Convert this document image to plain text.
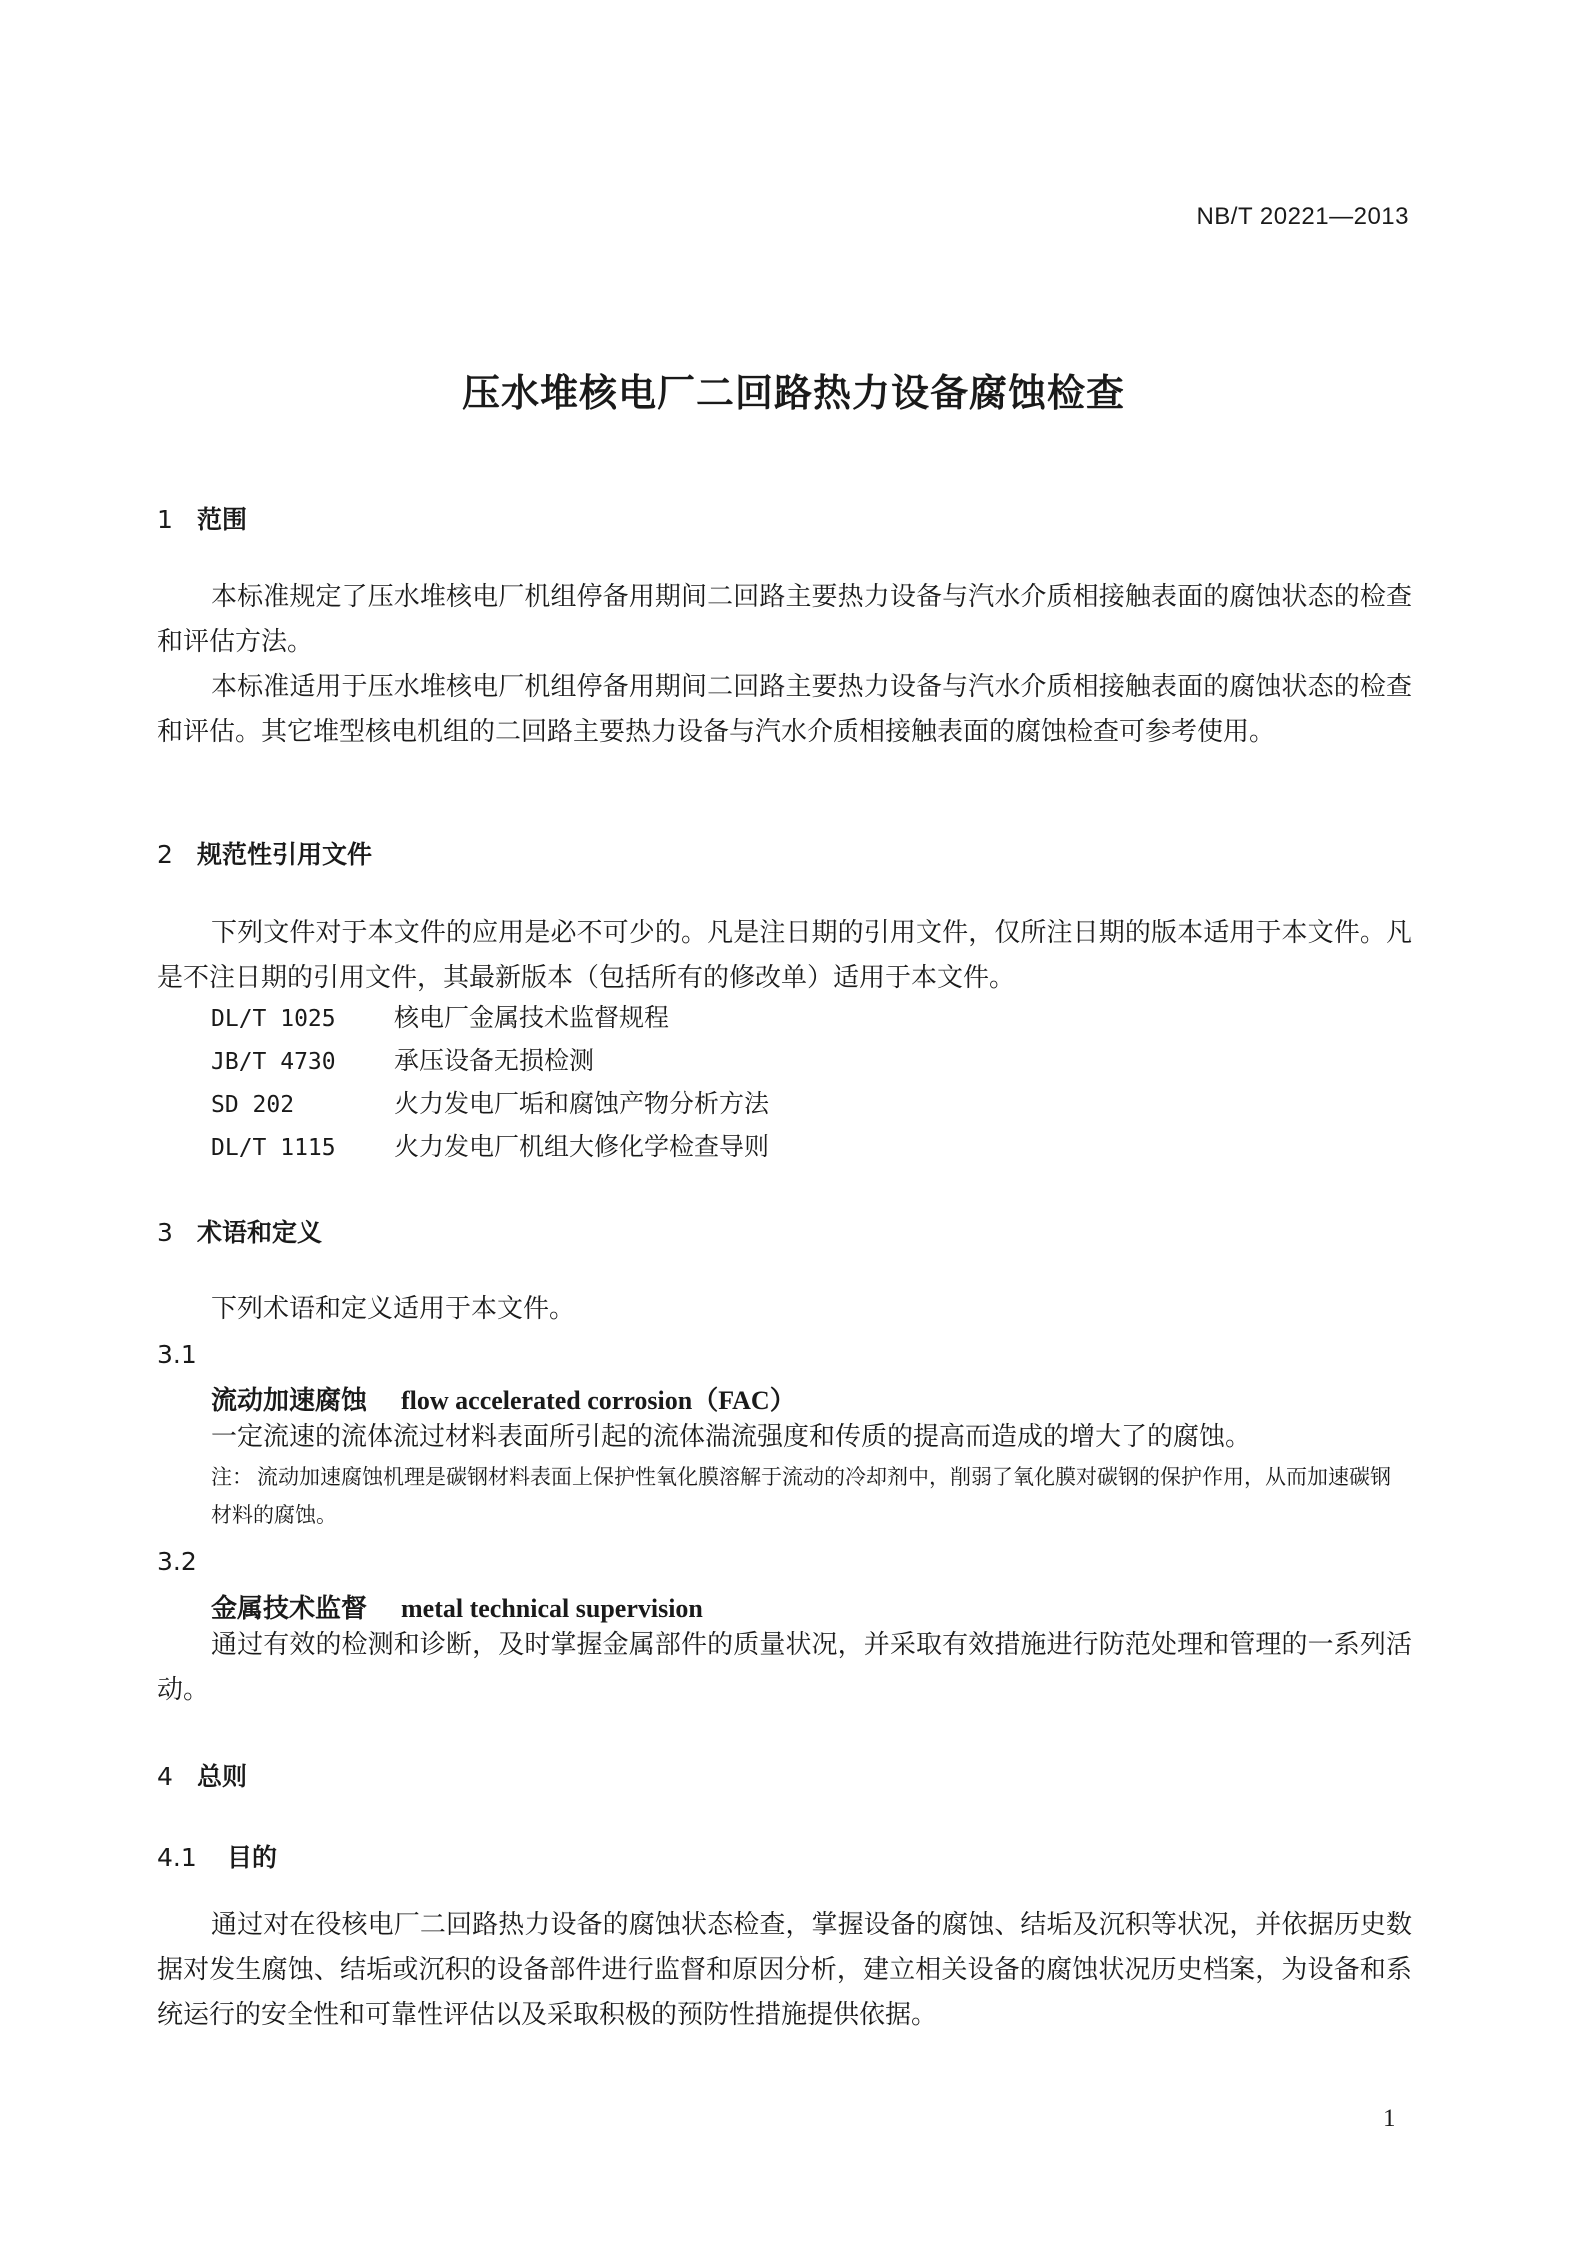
NB/T 20221—2013
压水堆核电厂二回路热力设备腐蚀检查
1 范围

本标准规定了压水堆核电厂机组停备用期间二回路主要热力设备与汽水介质相接触表面的腐蚀状态的检查和评估方法。

本标准适用于压水堆核电厂机组停备用期间二回路主要热力设备与汽水介质相接触表面的腐蚀状态的检查和评估。其它堆型核电机组的二回路主要热力设备与汽水介质相接触表面的腐蚀检查可参考使用。

2 规范性引用文件

下列文件对于本文件的应用是必不可少的。凡是注日期的引用文件，仅所注日期的版本适用于本文件。凡是不注日期的引用文件，其最新版本（包括所有的修改单）适用于本文件。

DL/T 1025 核电厂金属技术监督规程
JB/T 4730 承压设备无损检测
SD 202	火力发电厂垢和腐蚀产物分析方法
DL/T 1115 火力发电厂机组大修化学检查导则
3 术语和定义

下列术语和定义适用于本文件。

3.1
流动加速腐蚀 flow accelerated corrosion（FAC）

一定流速的流体流过材料表面所引起的流体湍流强度和传质的提高而造成的增大了的腐蚀。

注： 流动加速腐蚀机理是碳钢材料表面上保护性氧化膜溶解于流动的冷却剂中，削弱了氧化膜对碳钢的保护作用，从而加速碳钢材料的腐蚀。
3.2
金属技术监督 metal technical supervision

通过有效的检测和诊断，及时掌握金属部件的质量状况，并采取有效措施进行防范处理和管理的一系列活动。

4 总则
4.1 目的

通过对在役核电厂二回路热力设备的腐蚀状态检查，掌握设备的腐蚀、结垢及沉积等状况，并依据历史数据对发生腐蚀、结垢或沉积的设备部件进行监督和原因分析，建立相关设备的腐蚀状况历史档案，为设备和系统运行的安全性和可靠性评估以及采取积极的预防性措施提供依据。

1
